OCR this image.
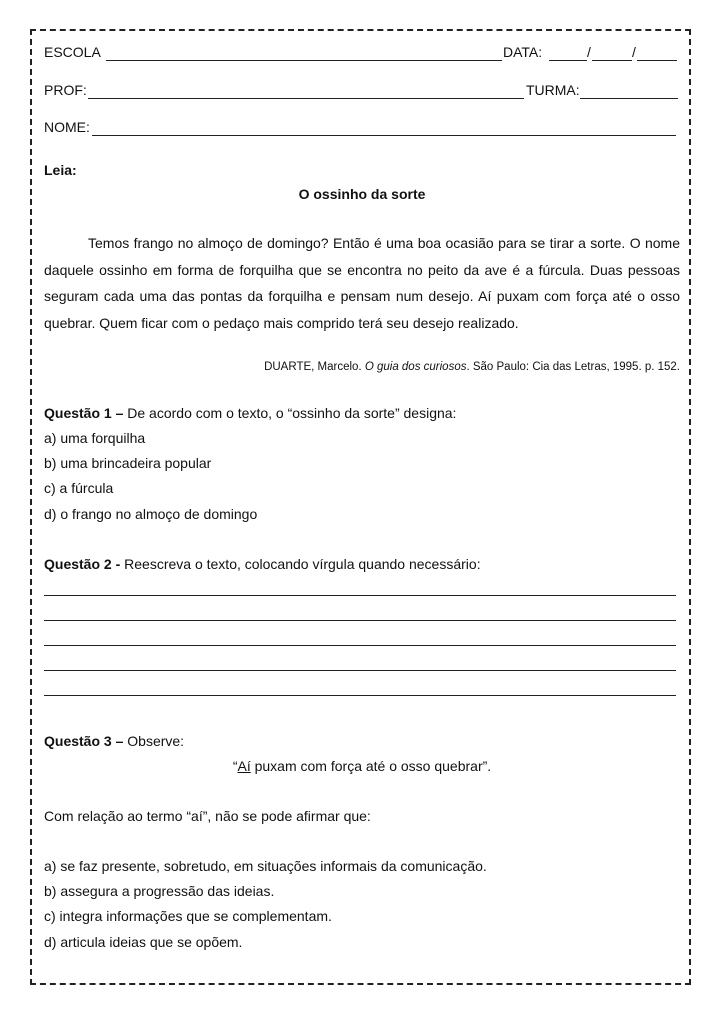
ESCOLA	DATA:	/	/
PROF:	TURMA:
NOME:
Leia:
O ossinho da sorte

Temos frango no almoço de domingo? Então é uma boa ocasião para se tirar a sorte. O nome daquele ossinho em forma de forquilha que se encontra no peito da ave é a fúrcula. Duas pessoas seguram cada uma das pontas da forquilha e pensam num desejo. Aí puxam com força até o osso quebrar. Quem ficar com o pedaço mais comprido terá seu desejo realizado.

DUARTE, Marcelo. O guia dos curiosos. São Paulo: Cia das Letras, 1995. p. 152.
Questão 1 – De acordo com o texto, o “ossinho da sorte” designa:
a) uma forquilha
b) uma brincadeira popular
c) a fúrcula
d) o frango no almoço de domingo
Questão 2 - Reescreva o texto, colocando vírgula quando necessário:
Questão 3 – Observe:
“Aí puxam com força até o osso quebrar”.
Com relação ao termo “aí”, não se pode afirmar que:
a) se faz presente, sobretudo, em situações informais da comunicação.
b) assegura a progressão das ideias.
c) integra informações que se complementam.
d) articula ideias que se opõem.
